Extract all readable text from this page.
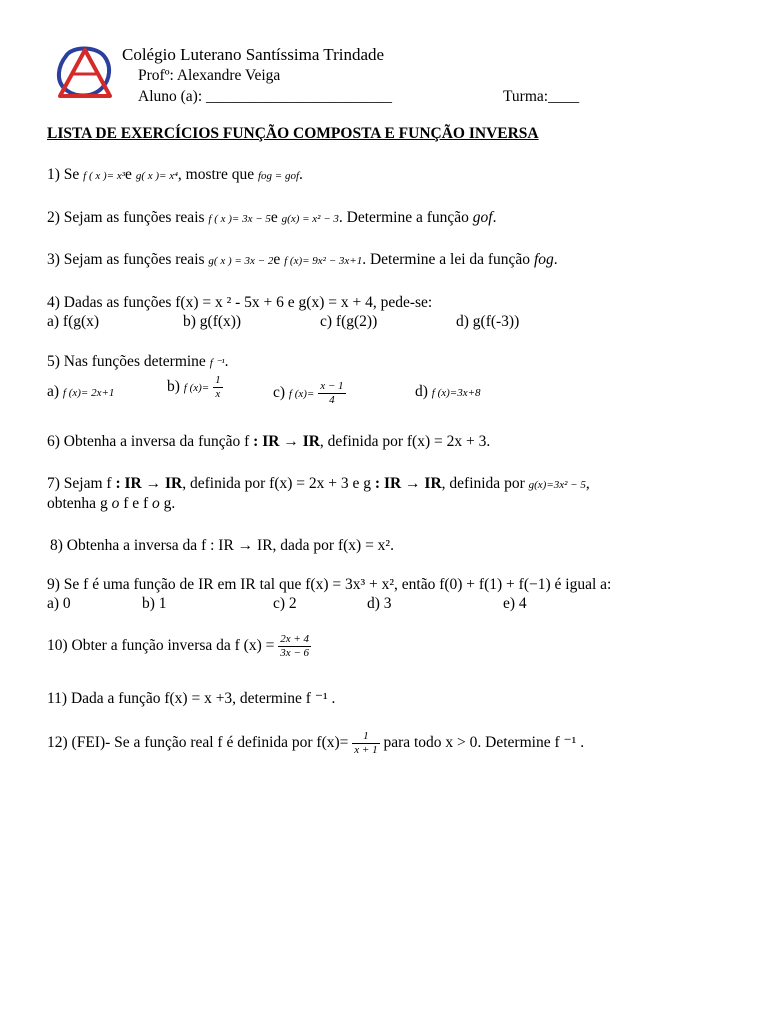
Colégio Luterano Santíssima Trindade
Profº: Alexandre Veiga
Aluno (a): ________________________	Turma:____
LISTA DE EXERCÍCIOS FUNÇÃO COMPOSTA E FUNÇÃO INVERSA
1) Se f ( x )= x³e g( x )= x⁴, mostre que fog = gof.
2) Sejam as funções reais f ( x )= 3x − 5e g(x) = x² − 3. Determine a função gof.
3) Sejam as funções reais g( x ) = 3x − 2e f (x)= 9x² − 3x+1. Determine a lei da função fog.
4) Dadas as funções f(x) = x ² - 5x + 6 e g(x) = x + 4, pede-se:
a) f(g(x)	b) g(f(x))	c) f(g(2))	d) g(f(-3))
5) Nas funções determine f ⁻¹.
a) f (x)= 2x+1	b) f $(x)= \frac{1}{x}$	c) f $(x)= \frac{x - 1}{4}$	d) f (x)=3x+8
6) Obtenha a inversa da função f : IR → IR, definida por f(x) = 2x + 3.
7) Sejam f : IR → IR, definida por f(x) = 2x + 3 e g : IR → IR, definida por g(x)=3x² − 5,
obtenha g o f e f o g.
8) Obtenha a inversa da f : IR → IR, dada por f(x) = x².
9) Se f é uma função de IR em IR tal que f(x) = 3x³ + x², então f(0) + f(1) + f(−1) é igual a:
a) 0	b) 1	c) 2	d) 3	e) 4
10) Obter a função inversa da f $(x) = \frac{2x + 4}{3x - 6}$
11) Dada a função f(x) = x +3, determine f ⁻¹ .
12) (FEI)- Se a função real f é definida por $f(x)= \frac{1}{x + 1}$ para todo x > 0. Determine f ⁻¹ .
